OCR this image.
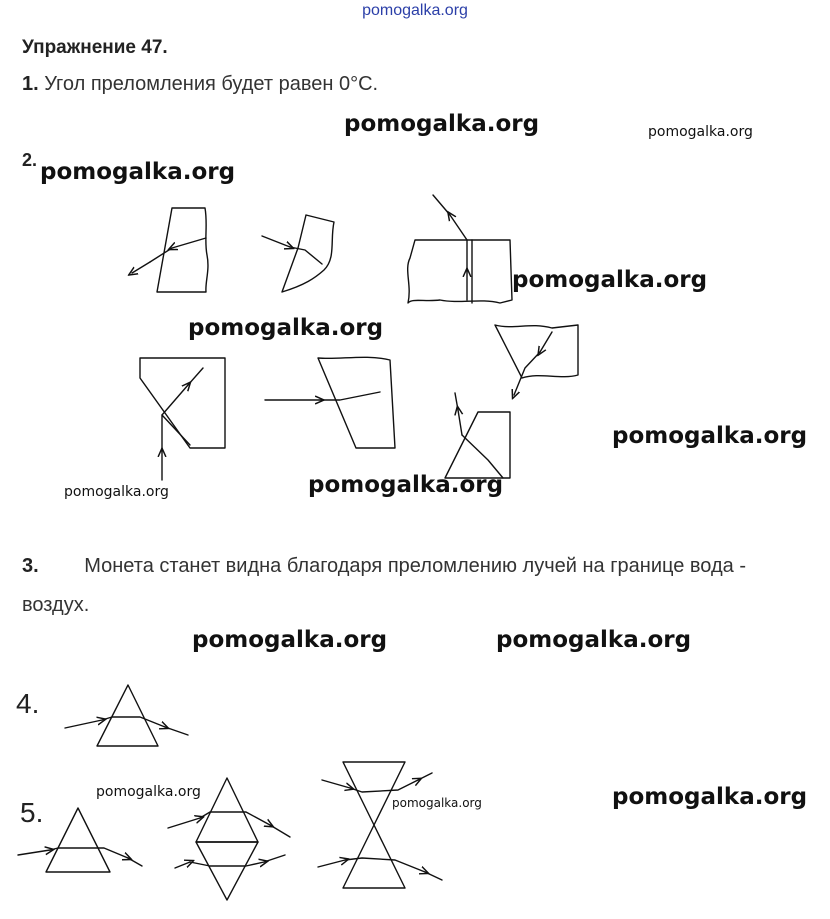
pomogalka.org
Упражнение 47.
1. Угол преломления будет равен 0°С.
2.
3. Монета станет видна благодаря преломлению лучей на границе вода -
воздух.
4.
5.
pomogalka.org	pomogalka.org
pomogalka.org
pomogalka.org
pomogalka.org
pomogalka.org
pomogalka.org	pomogalka.org
pomogalka.org	pomogalka.org
pomogalka.org	pomogalka.org
pomogalka.org
